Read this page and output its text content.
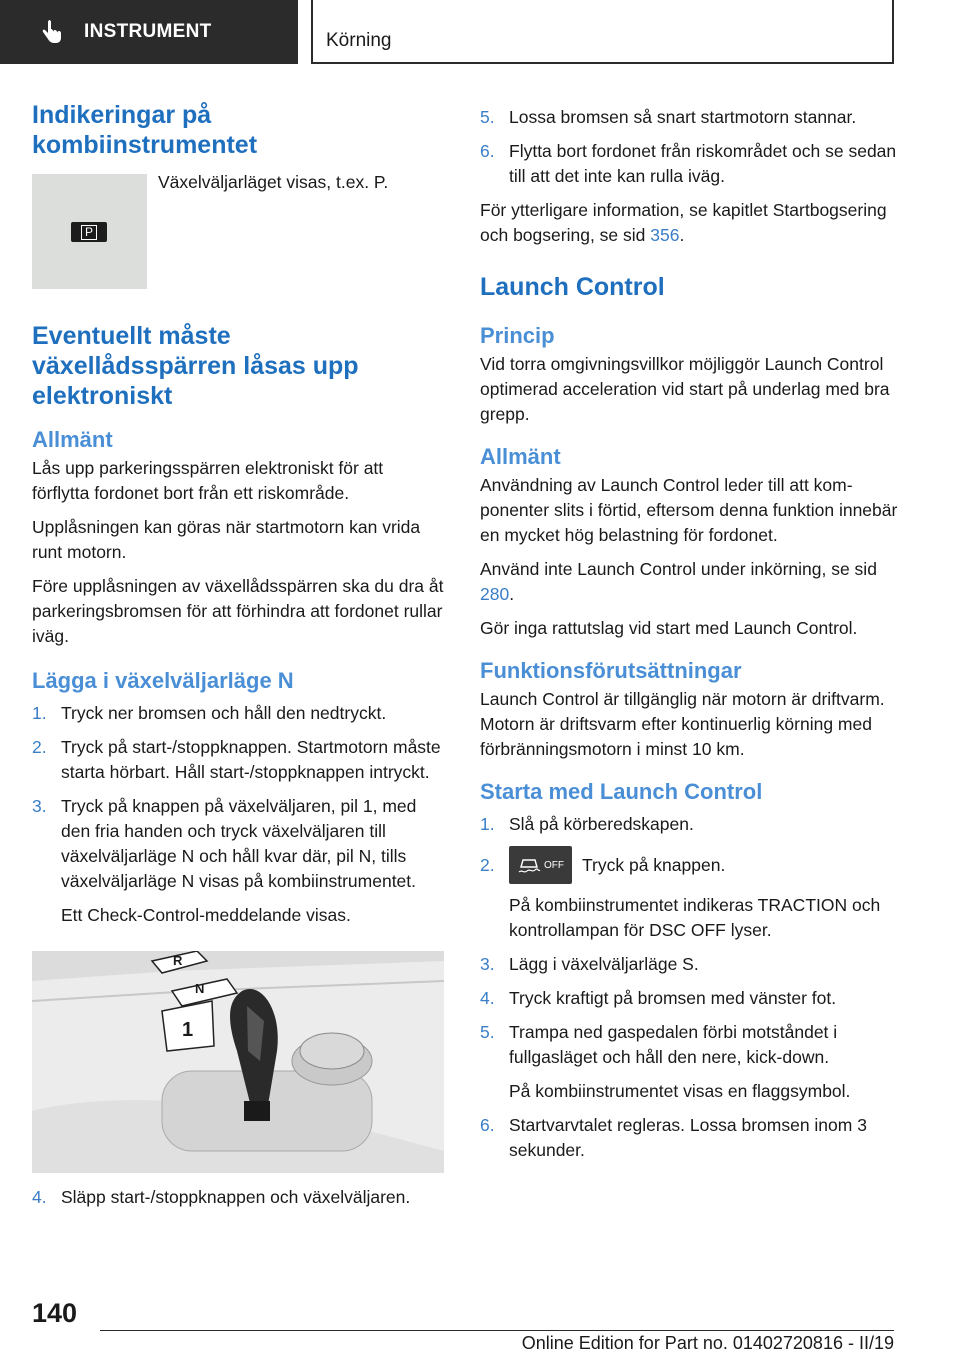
INSTRUMENT	Körning
Indikeringar på kombiinstrumentet
P

Växelväljarläget visas, t.ex. P.

Eventuellt måste växellådsspärren låsas upp elektroniskt
Allmänt

Lås upp parkeringsspärren elektroniskt för att förflytta fordonet bort från ett riskområde.

Upplåsningen kan göras när startmotorn kan vrida runt motorn.

Före upplåsningen av växellådsspärren ska du dra åt parkeringsbromsen för att förhindra att fordonet rullar iväg.

Lägga i växelväljarläge N
1. Tryck ner bromsen och håll den nedtryckt.
2. Tryck på start-/stoppknappen. Startmotorn måste starta hörbart. Håll start-/stoppknappen intryckt.
3. Tryck på knappen på växelväljaren, pil 1, med den fria handen och tryck växelväljaren till växelväljarläge N och håll kvar där, pil N, tills växelväljarläge N visas på kombiinstrumentet.
Ett Check-Control-meddelande visas.
R
N
1
4. Släpp start-/stoppknappen och växelväljaren.
5. Lossa bromsen så snart startmotorn stannar.
6. Flytta bort fordonet från riskområdet och se sedan till att det inte kan rulla iväg.

För ytterligare information, se kapitlet Startbogsering och bogsering, se sid 356.

Launch Control
Princip

Vid torra omgivningsvillkor möjliggör Launch Control optimerad acceleration vid start på underlag med bra grepp.

Allmänt

Användning av Launch Control leder till att komponenter slits i förtid, eftersom denna funktion innebär en mycket hög belastning för fordonet.

Använd inte Launch Control under inkörning, se sid 280.

Gör inga rattutslag vid start med Launch Control.

Funktionsförutsättningar

Launch Control är tillgänglig när motorn är driftvarm. Motorn är driftsvarm efter kontinuerlig körning med förbränningsmotorn i minst 10 km.

Starta med Launch Control
1. Slå på körberedskapen.
2.	OFF Tryck på knappen.
På kombiinstrumentet indikeras TRACTION och kontrollampan för DSC OFF lyser.
3. Lägg i växelväljarläge S.
4. Tryck kraftigt på bromsen med vänster fot.
5. Trampa ned gaspedalen förbi motståndet i fullgasläget och håll den nere, kick-down.
På kombiinstrumentet visas en flaggsymbol.
6. Startvarvtalet regleras. Lossa bromsen inom 3 sekunder.
140
Online Edition for Part no. 01402720816 - II/19
